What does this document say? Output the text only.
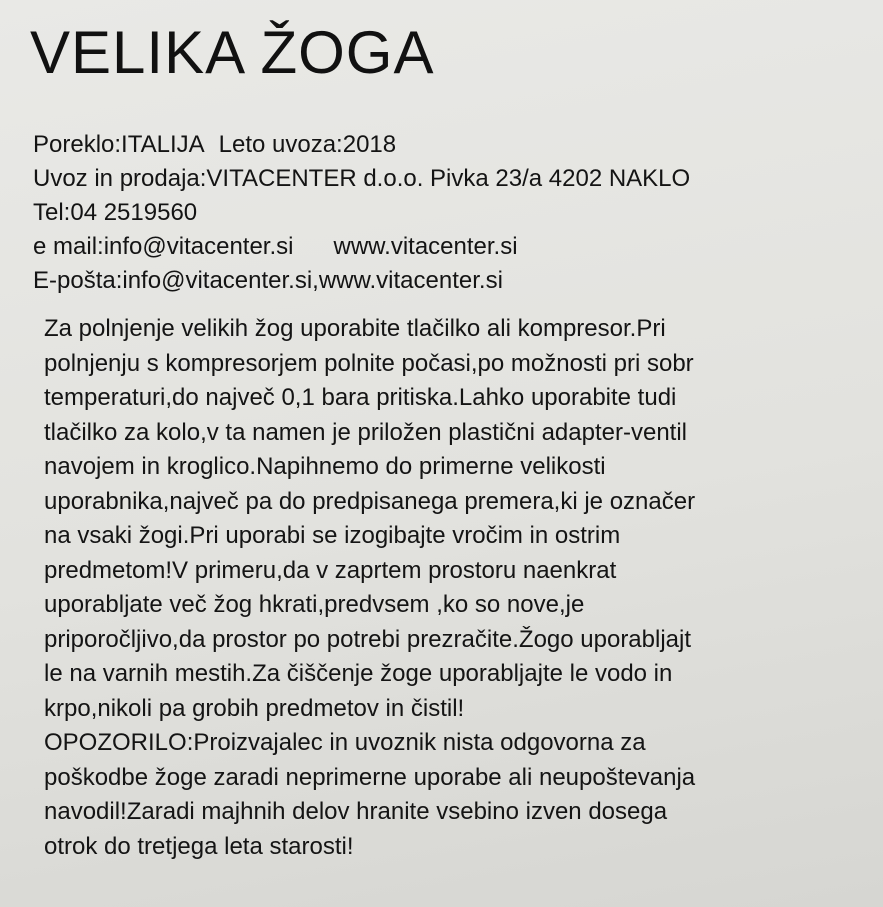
VELIKA ŽOGA
Poreklo:ITALIJA Leto uvoza:2018
Uvoz in prodaja:VITACENTER d.o.o. Pivka 23/a 4202 NAKLO
Tel:04 2519560
e mail:info@vitacenter.si www.vitacenter.si
E-pošta:info@vitacenter.si,www.vitacenter.si
Za polnjenje velikih žog uporabite tlačilko ali kompresor.Pri
polnjenju s kompresorjem polnite počasi,po možnosti pri sobr
temperaturi,do največ 0,1 bara pritiska.Lahko uporabite tudi
tlačilko za kolo,v ta namen je priložen plastični adapter-ventil
navojem in kroglico.Napihnemo do primerne velikosti
uporabnika,največ pa do predpisanega premera,ki je označer
na vsaki žogi.Pri uporabi se izogibajte vročim in ostrim
predmetom!V primeru,da v zaprtem prostoru naenkrat
uporabljate več žog hkrati,predvsem ,ko so nove,je
priporočljivo,da prostor po potrebi prezračite.Žogo uporabljajt
le na varnih mestih.Za čiščenje žoge uporabljajte le vodo in
krpo,nikoli pa grobih predmetov in čistil!
OPOZORILO:Proizvajalec in uvoznik nista odgovorna za
poškodbe žoge zaradi neprimerne uporabe ali neupoštevanja
navodil!Zaradi majhnih delov hranite vsebino izven dosega
otrok do tretjega leta starosti!
